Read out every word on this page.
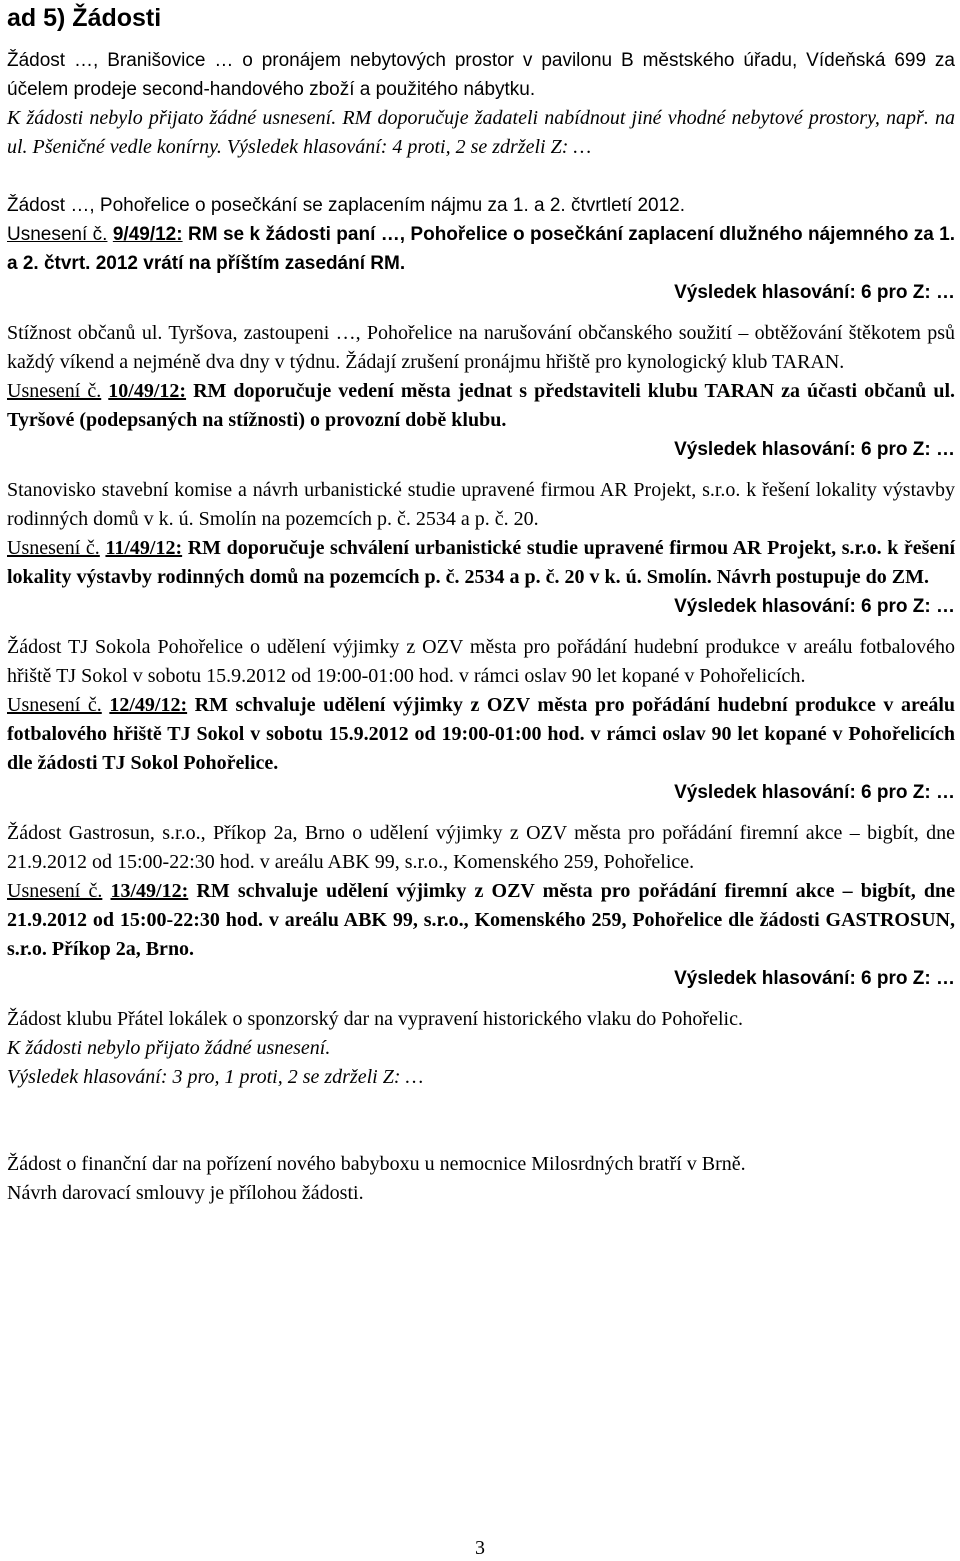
ad 5) Žádosti

Žádost …, Branišovice … o pronájem nebytových prostor v pavilonu B městského úřadu, Vídeňská 699 za účelem prodeje second-handového zboží a použitého nábytku.

K žádosti nebylo přijato žádné usnesení. RM doporučuje žadateli nabídnout jiné vhodné nebytové prostory, např. na ul. Pšeničné vedle konírny. Výsledek hlasování: 4 proti, 2 se zdrželi Z: …

Žádost …, Pohořelice o posečkání se zaplacením nájmu za 1. a 2. čtvrtletí 2012.

Usnesení č. 9/49/12: RM se k žádosti paní …, Pohořelice o posečkání zaplacení dlužného nájemného za 1. a 2. čtvrt. 2012 vrátí na příštím zasedání RM.

Výsledek hlasování: 6 pro Z: …

Stížnost občanů ul. Tyršova, zastoupeni …, Pohořelice na narušování občanského soužití – obtěžování štěkotem psů každý víkend a nejméně dva dny v týdnu. Žádají zrušení pronájmu hřiště pro kynologický klub TARAN.

Usnesení č. 10/49/12: RM doporučuje vedení města jednat s představiteli klubu TARAN za účasti občanů ul. Tyršové (podepsaných na stížnosti) o provozní době klubu.

Výsledek hlasování: 6 pro Z: …

Stanovisko stavební komise a návrh urbanistické studie upravené firmou AR Projekt, s.r.o. k řešení lokality výstavby rodinných domů v k. ú. Smolín na pozemcích p. č. 2534 a p. č. 20.

Usnesení č. 11/49/12: RM doporučuje schválení urbanistické studie upravené firmou AR Projekt, s.r.o. k řešení lokality výstavby rodinných domů na pozemcích p. č. 2534 a p. č. 20 v k. ú. Smolín. Návrh postupuje do ZM.

Výsledek hlasování: 6 pro Z: …

Žádost TJ Sokola Pohořelice o udělení výjimky z OZV města pro pořádání hudební produkce v areálu fotbalového hřiště TJ Sokol v sobotu 15.9.2012 od 19:00-01:00 hod. v rámci oslav 90 let kopané v Pohořelicích.

Usnesení č. 12/49/12: RM schvaluje udělení výjimky z OZV města pro pořádání hudební produkce v areálu fotbalového hřiště TJ Sokol v sobotu 15.9.2012 od 19:00-01:00 hod. v rámci oslav 90 let kopané v Pohořelicích dle žádosti TJ Sokol Pohořelice.

Výsledek hlasování: 6 pro Z: …

Žádost Gastrosun, s.r.o., Příkop 2a, Brno o udělení výjimky z OZV města pro pořádání firemní akce – bigbít, dne 21.9.2012 od 15:00-22:30 hod. v areálu ABK 99, s.r.o., Komenského 259, Pohořelice.

Usnesení č. 13/49/12: RM schvaluje udělení výjimky z OZV města pro pořádání firemní akce – bigbít, dne 21.9.2012 od 15:00-22:30 hod. v areálu ABK 99, s.r.o., Komenského 259, Pohořelice dle žádosti GASTROSUN, s.r.o. Příkop 2a, Brno.

Výsledek hlasování: 6 pro Z: …

Žádost klubu Přátel lokálek o sponzorský dar na vypravení historického vlaku do Pohořelic.

K žádosti nebylo přijato žádné usnesení.

Výsledek hlasování: 3 pro, 1 proti, 2 se zdrželi Z: …

Žádost o finanční dar na pořízení nového babyboxu u nemocnice Milosrdných bratří v Brně.

Návrh darovací smlouvy je přílohou žádosti.

3
